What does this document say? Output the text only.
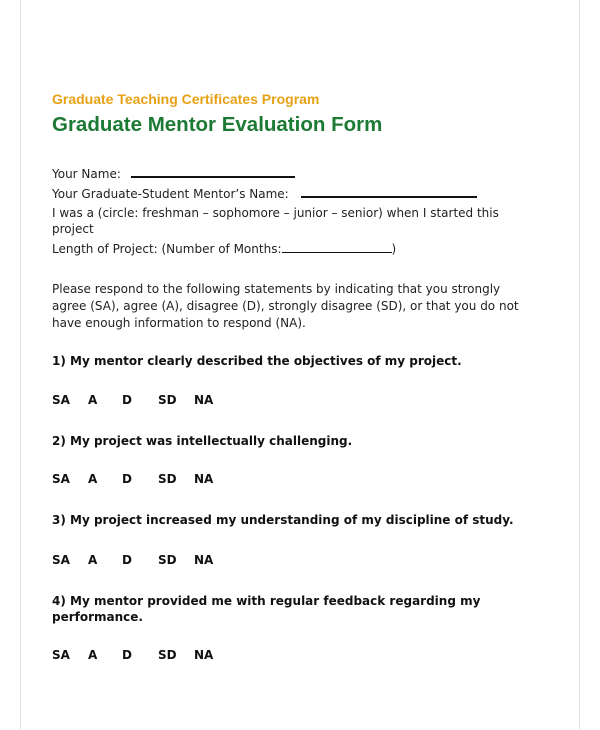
Graduate Teaching Certificates Program
Graduate Mentor Evaluation Form
Your Name:
Your Graduate-Student Mentor’s Name:
I was a (circle: freshman – sophomore – junior – senior) when I started this
project
Length of Project: (Number of Months:	)

Please respond to the following statements by indicating that you strongly agree (SA), agree (A), disagree (D), strongly disagree (SD), or that you do not have enough information to respond (NA).

1) My mentor clearly described the objectives of my project.

SA A D SD NA

2) My project was intellectually challenging.

SA A D SD NA

3) My project increased my understanding of my discipline of study.

SA A D SD NA

4) My mentor provided me with regular feedback regarding my performance.

SA A D SD NA
